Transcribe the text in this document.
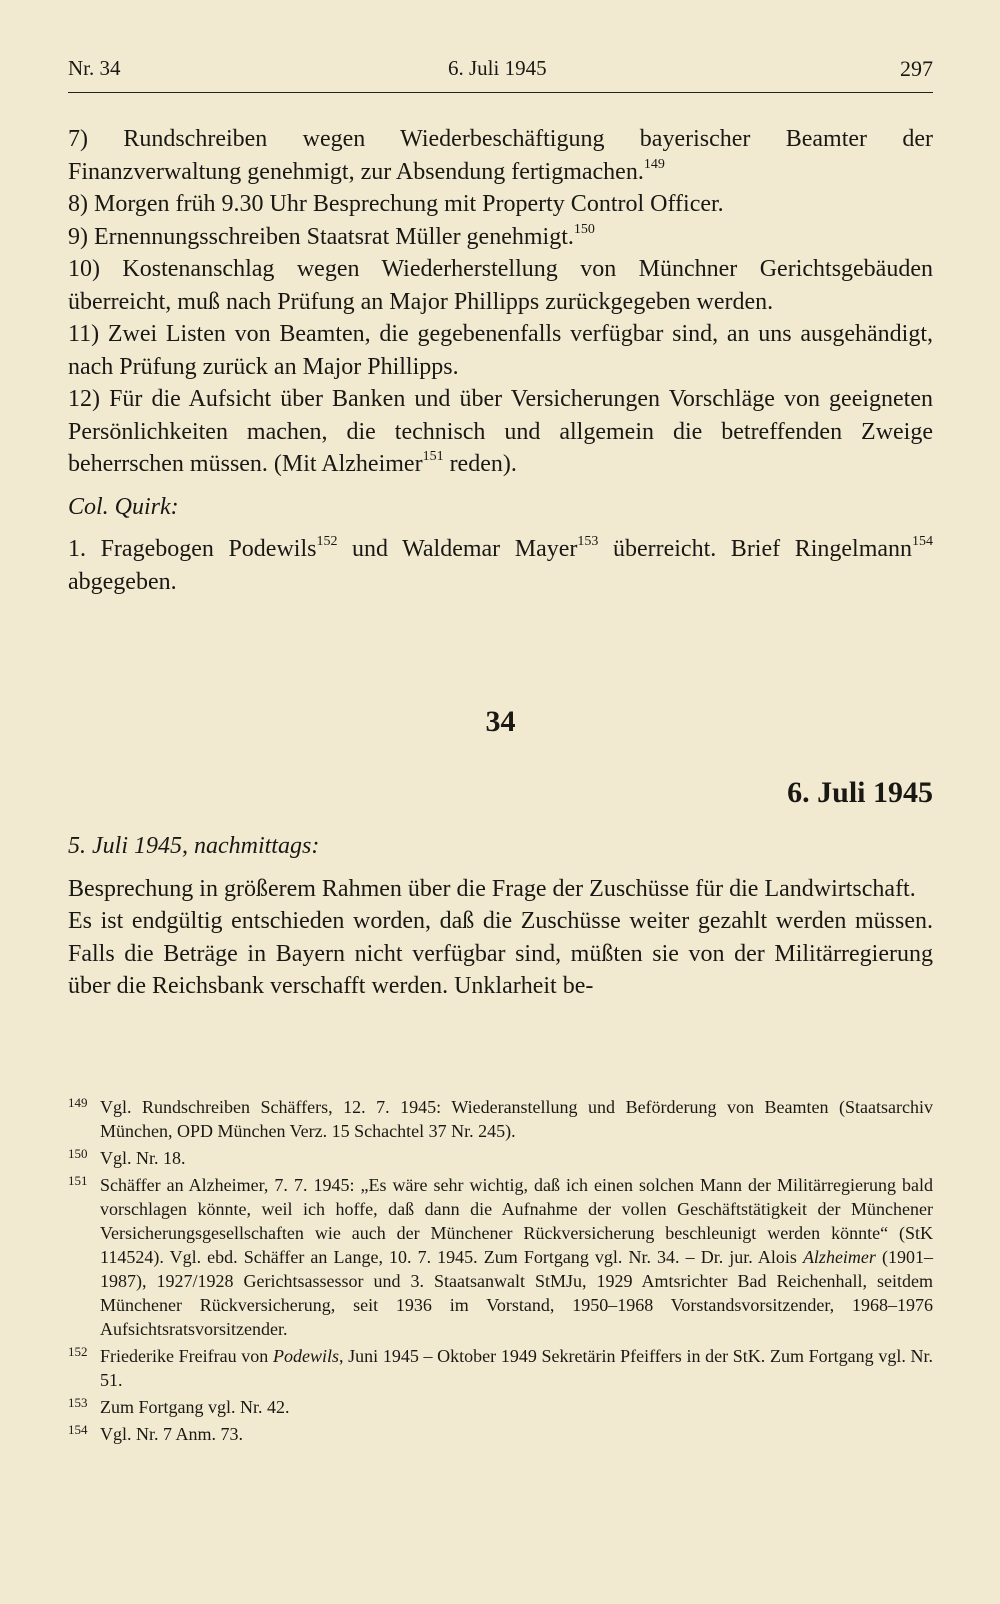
Nr. 34	6. Juli 1945	297

7) Rundschreiben wegen Wiederbeschäftigung bayerischer Beamter der Finanzverwaltung genehmigt, zur Absendung fertigmachen.$^{149}$

8) Morgen früh 9.30 Uhr Besprechung mit Property Control Officer.

9) Ernennungsschreiben Staatsrat Müller genehmigt.$^{150}$

10) Kostenanschlag wegen Wiederherstellung von Münchner Gerichtsgebäuden überreicht, muß nach Prüfung an Major Phillipps zurückgegeben werden.

11) Zwei Listen von Beamten, die gegebenenfalls verfügbar sind, an uns ausgehändigt, nach Prüfung zurück an Major Phillipps.

12) Für die Aufsicht über Banken und über Versicherungen Vorschläge von geeigneten Persönlichkeiten machen, die technisch und allgemein die betreffenden Zweige beherrschen müssen. (Mit Alzheimer$^{151}$ reden).

Col. Quirk:

1. Fragebogen Podewils$^{152}$ und Waldemar Mayer$^{153}$ überreicht. Brief Ringelmann$^{154}$ abgegeben.

34
6. Juli 1945

5. Juli 1945, nachmittags:

Besprechung in größerem Rahmen über die Frage der Zuschüsse für die Landwirtschaft.

Es ist endgültig entschieden worden, daß die Zuschüsse weiter gezahlt werden müssen. Falls die Beträge in Bayern nicht verfügbar sind, müßten sie von der Militärregierung über die Reichsbank verschafft werden. Unklarheit be-

149 Vgl. Rundschreiben Schäffers, 12. 7. 1945: Wiederanstellung und Beförderung von Beamten (Staatsarchiv München, OPD München Verz. 15 Schachtel 37 Nr. 245).
150 Vgl. Nr. 18.
151 Schäffer an Alzheimer, 7. 7. 1945: „Es wäre sehr wichtig, daß ich einen solchen Mann der Militärregierung bald vorschlagen könnte, weil ich hoffe, daß dann die Aufnahme der vollen Geschäftstätigkeit der Münchener Versicherungsgesellschaften wie auch der Münchener Rückversicherung beschleunigt werden könnte“ (StK 114524). Vgl. ebd. Schäffer an Lange, 10. 7. 1945. Zum Fortgang vgl. Nr. 34. – Dr. jur. Alois Alzheimer (1901–1987), 1927/1928 Gerichtsassessor und 3. Staatsanwalt StMJu, 1929 Amtsrichter Bad Reichenhall, seitdem Münchener Rückversicherung, seit 1936 im Vorstand, 1950–1968 Vorstandsvorsitzender, 1968–1976 Aufsichtsratsvorsitzender.
152 Friederike Freifrau von Podewils, Juni 1945 – Oktober 1949 Sekretärin Pfeiffers in der StK. Zum Fortgang vgl. Nr. 51.
153 Zum Fortgang vgl. Nr. 42.
154 Vgl. Nr. 7 Anm. 73.
